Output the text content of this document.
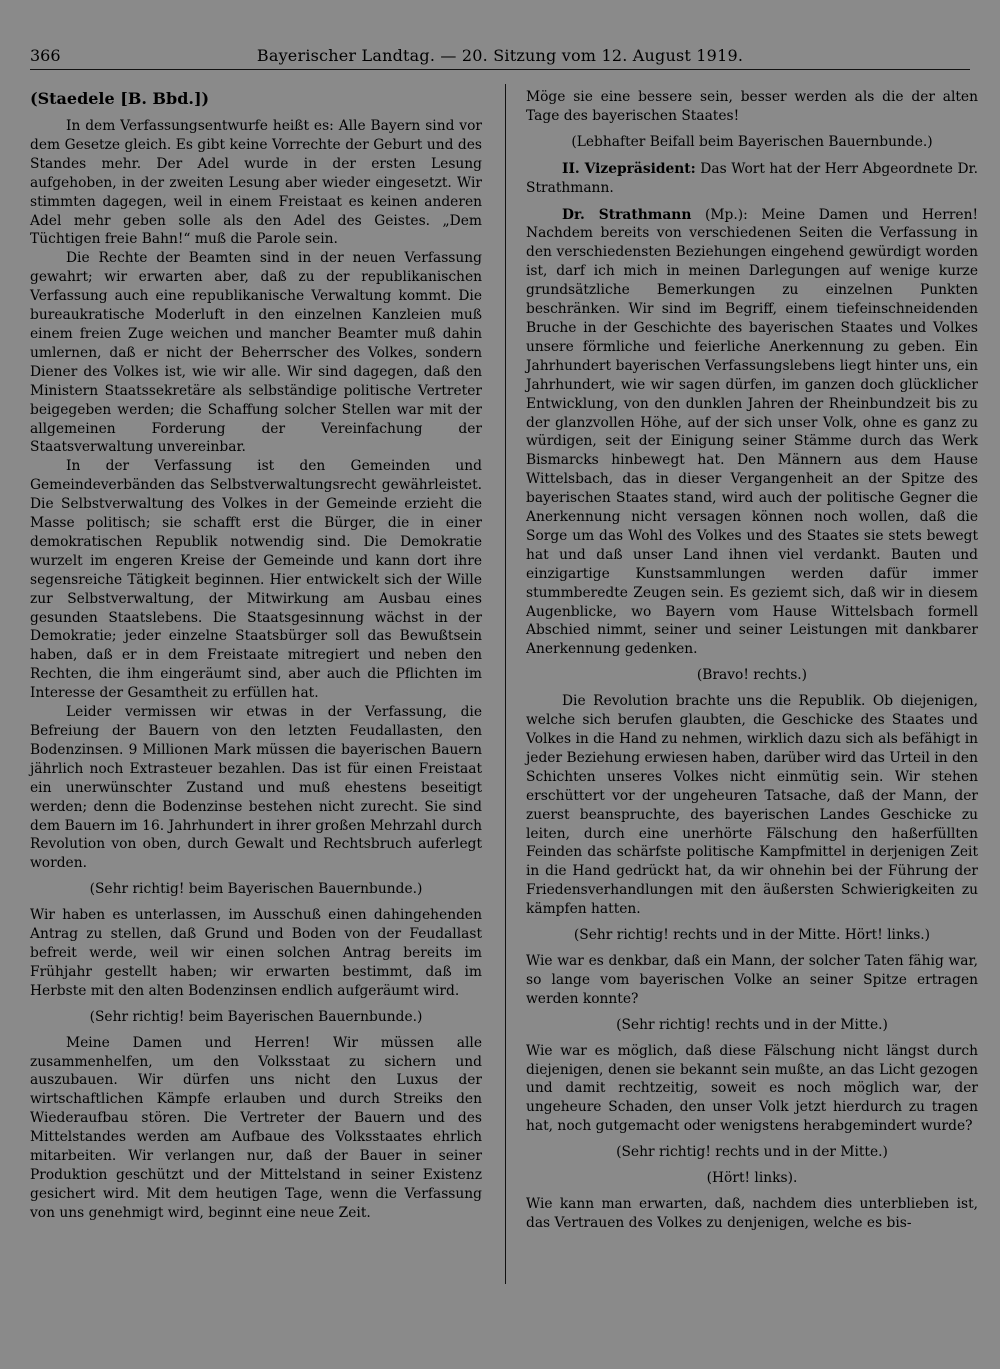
366	Bayerischer Landtag. — 20. Sitzung vom 12. August 1919.
(Staedele [B. Bbd.])

In dem Verfassungsentwurfe heißt es: Alle Bayern sind vor dem Gesetze gleich. Es gibt keine Vorrechte der Geburt und des Standes mehr. Der Adel wurde in der ersten Lesung aufgehoben, in der zweiten Lesung aber wieder eingesetzt. Wir stimmten dagegen, weil in einem Freistaat es keinen anderen Adel mehr geben solle als den Adel des Geistes. „Dem Tüchtigen freie Bahn!“ muß die Parole sein.

Die Rechte der Beamten sind in der neuen Verfassung gewahrt; wir erwarten aber, daß zu der republikanischen Verfassung auch eine republikanische Verwaltung kommt. Die bureaukratische Moderluft in den einzelnen Kanzleien muß einem freien Zuge weichen und mancher Beamter muß dahin umlernen, daß er nicht der Beherrscher des Volkes, sondern Diener des Volkes ist, wie wir alle. Wir sind dagegen, daß den Ministern Staatssekretäre als selbständige politische Vertreter beigegeben werden; die Schaffung solcher Stellen war mit der allgemeinen Forderung der Vereinfachung der Staatsverwaltung unvereinbar.

In der Verfassung ist den Gemeinden und Gemeindeverbänden das Selbstverwaltungsrecht gewährleistet. Die Selbstverwaltung des Volkes in der Gemeinde erzieht die Masse politisch; sie schafft erst die Bürger, die in einer demokratischen Republik notwendig sind. Die Demokratie wurzelt im engeren Kreise der Gemeinde und kann dort ihre segensreiche Tätigkeit beginnen. Hier entwickelt sich der Wille zur Selbstverwaltung, der Mitwirkung am Ausbau eines gesunden Staatslebens. Die Staatsgesinnung wächst in der Demokratie; jeder einzelne Staatsbürger soll das Bewußtsein haben, daß er in dem Freistaate mitregiert und neben den Rechten, die ihm eingeräumt sind, aber auch die Pflichten im Interesse der Gesamtheit zu erfüllen hat.

Leider vermissen wir etwas in der Verfassung, die Befreiung der Bauern von den letzten Feudallasten, den Bodenzinsen. 9 Millionen Mark müssen die bayerischen Bauern jährlich noch Extrasteuer bezahlen. Das ist für einen Freistaat ein unerwünschter Zustand und muß ehestens beseitigt werden; denn die Bodenzinse bestehen nicht zurecht. Sie sind dem Bauern im 16. Jahrhundert in ihrer großen Mehrzahl durch Revolution von oben, durch Gewalt und Rechtsbruch auferlegt worden.

(Sehr richtig! beim Bayerischen Bauernbunde.)

Wir haben es unterlassen, im Ausschuß einen dahingehenden Antrag zu stellen, daß Grund und Boden von der Feudallast befreit werde, weil wir einen solchen Antrag bereits im Frühjahr gestellt haben; wir erwarten bestimmt, daß im Herbste mit den alten Bodenzinsen endlich aufgeräumt wird.

(Sehr richtig! beim Bayerischen Bauernbunde.)

Meine Damen und Herren! Wir müssen alle zusammenhelfen, um den Volksstaat zu sichern und auszubauen. Wir dürfen uns nicht den Luxus der wirtschaftlichen Kämpfe erlauben und durch Streiks den Wiederaufbau stören. Die Vertreter der Bauern und des Mittelstandes werden am Aufbaue des Volksstaates ehrlich mitarbeiten. Wir verlangen nur, daß der Bauer in seiner Produktion geschützt und der Mittelstand in seiner Existenz gesichert wird. Mit dem heutigen Tage, wenn die Verfassung von uns genehmigt wird, beginnt eine neue Zeit.

Möge sie eine bessere sein, besser werden als die der alten Tage des bayerischen Staates!

(Lebhafter Beifall beim Bayerischen Bauernbunde.)

II. Vizepräsident: Das Wort hat der Herr Abgeordnete Dr. Strathmann.

Dr. Strathmann (Mp.): Meine Damen und Herren! Nachdem bereits von verschiedenen Seiten die Verfassung in den verschiedensten Beziehungen eingehend gewürdigt worden ist, darf ich mich in meinen Darlegungen auf wenige kurze grundsätzliche Bemerkungen zu einzelnen Punkten beschränken. Wir sind im Begriff, einem tiefeinschneidenden Bruche in der Geschichte des bayerischen Staates und Volkes unsere förmliche und feierliche Anerkennung zu geben. Ein Jahrhundert bayerischen Verfassungslebens liegt hinter uns, ein Jahrhundert, wie wir sagen dürfen, im ganzen doch glücklicher Entwicklung, von den dunklen Jahren der Rheinbundzeit bis zu der glanzvollen Höhe, auf der sich unser Volk, ohne es ganz zu würdigen, seit der Einigung seiner Stämme durch das Werk Bismarcks hinbewegt hat. Den Männern aus dem Hause Wittelsbach, das in dieser Vergangenheit an der Spitze des bayerischen Staates stand, wird auch der politische Gegner die Anerkennung nicht versagen können noch wollen, daß die Sorge um das Wohl des Volkes und des Staates sie stets bewegt hat und daß unser Land ihnen viel verdankt. Bauten und einzigartige Kunstsammlungen werden dafür immer stummberedte Zeugen sein. Es geziemt sich, daß wir in diesem Augenblicke, wo Bayern vom Hause Wittelsbach formell Abschied nimmt, seiner und seiner Leistungen mit dankbarer Anerkennung gedenken.

(Bravo! rechts.)

Die Revolution brachte uns die Republik. Ob diejenigen, welche sich berufen glaubten, die Geschicke des Staates und Volkes in die Hand zu nehmen, wirklich dazu sich als befähigt in jeder Beziehung erwiesen haben, darüber wird das Urteil in den Schichten unseres Volkes nicht einmütig sein. Wir stehen erschüttert vor der ungeheuren Tatsache, daß der Mann, der zuerst beanspruchte, des bayerischen Landes Geschicke zu leiten, durch eine unerhörte Fälschung den haßerfüllten Feinden das schärfste politische Kampfmittel in derjenigen Zeit in die Hand gedrückt hat, da wir ohnehin bei der Führung der Friedensverhandlungen mit den äußersten Schwierigkeiten zu kämpfen hatten.

(Sehr richtig! rechts und in der Mitte. Hört! links.)

Wie war es denkbar, daß ein Mann, der solcher Taten fähig war, so lange vom bayerischen Volke an seiner Spitze ertragen werden konnte?

(Sehr richtig! rechts und in der Mitte.)

Wie war es möglich, daß diese Fälschung nicht längst durch diejenigen, denen sie bekannt sein mußte, an das Licht gezogen und damit rechtzeitig, soweit es noch möglich war, der ungeheure Schaden, den unser Volk jetzt hierdurch zu tragen hat, noch gutgemacht oder wenigstens herabgemindert wurde?

(Sehr richtig! rechts und in der Mitte.)

(Hört! links).

Wie kann man erwarten, daß, nachdem dies unterblieben ist, das Vertrauen des Volkes zu denjenigen, welche es bis-
